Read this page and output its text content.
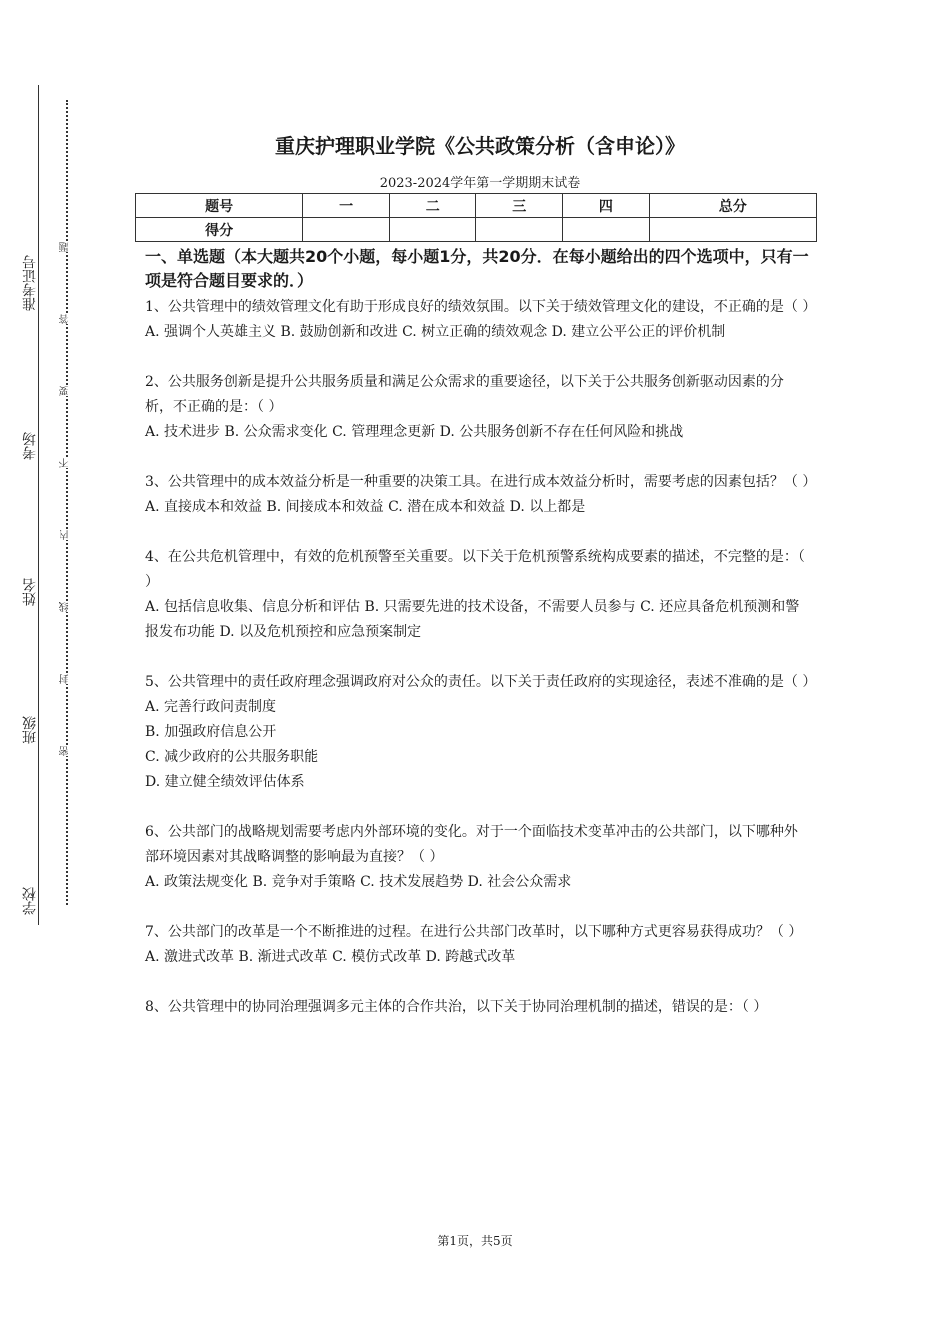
准考证号
考场
姓名
班级
学校
题
答
要
不
内
线
封
密
重庆护理职业学院《公共政策分析（含申论）》
2023-2024学年第一学期期末试卷
题号	一	二	三	四	总分
得分					
一、单选题（本大题共20个小题，每小题1分，共20分．在每小题给出的四个选项中，只有一项是符合题目要求的．）

1、公共管理中的绩效管理文化有助于形成良好的绩效氛围。以下关于绩效管理文化的建设，不正确的是（ ）

A. 强调个人英雄主义 B. 鼓励创新和改进 C. 树立正确的绩效观念 D. 建立公平公正的评价机制

2、公共服务创新是提升公共服务质量和满足公众需求的重要途径，以下关于公共服务创新驱动因素的分析，不正确的是：（ ）

A. 技术进步 B. 公众需求变化 C. 管理理念更新 D. 公共服务创新不存在任何风险和挑战

3、公共管理中的成本效益分析是一种重要的决策工具。在进行成本效益分析时，需要考虑的因素包括？（ ）

A. 直接成本和效益 B. 间接成本和效益 C. 潜在成本和效益 D. 以上都是

4、在公共危机管理中，有效的危机预警至关重要。以下关于危机预警系统构成要素的描述，不完整的是：（ ）

A. 包括信息收集、信息分析和评估 B. 只需要先进的技术设备，不需要人员参与 C. 还应具备危机预测和警报发布功能 D. 以及危机预控和应急预案制定

5、公共管理中的责任政府理念强调政府对公众的责任。以下关于责任政府的实现途径，表述不准确的是（ ）

A. 完善行政问责制度

B. 加强政府信息公开

C. 减少政府的公共服务职能

D. 建立健全绩效评估体系

6、公共部门的战略规划需要考虑内外部环境的变化。对于一个面临技术变革冲击的公共部门，以下哪种外部环境因素对其战略调整的影响最为直接？（ ）

A. 政策法规变化 B. 竞争对手策略 C. 技术发展趋势 D. 社会公众需求

7、公共部门的改革是一个不断推进的过程。在进行公共部门改革时，以下哪种方式更容易获得成功？（ ）

A. 激进式改革 B. 渐进式改革 C. 模仿式改革 D. 跨越式改革

8、公共管理中的协同治理强调多元主体的合作共治，以下关于协同治理机制的描述，错误的是：（ ）

第1页，共5页
